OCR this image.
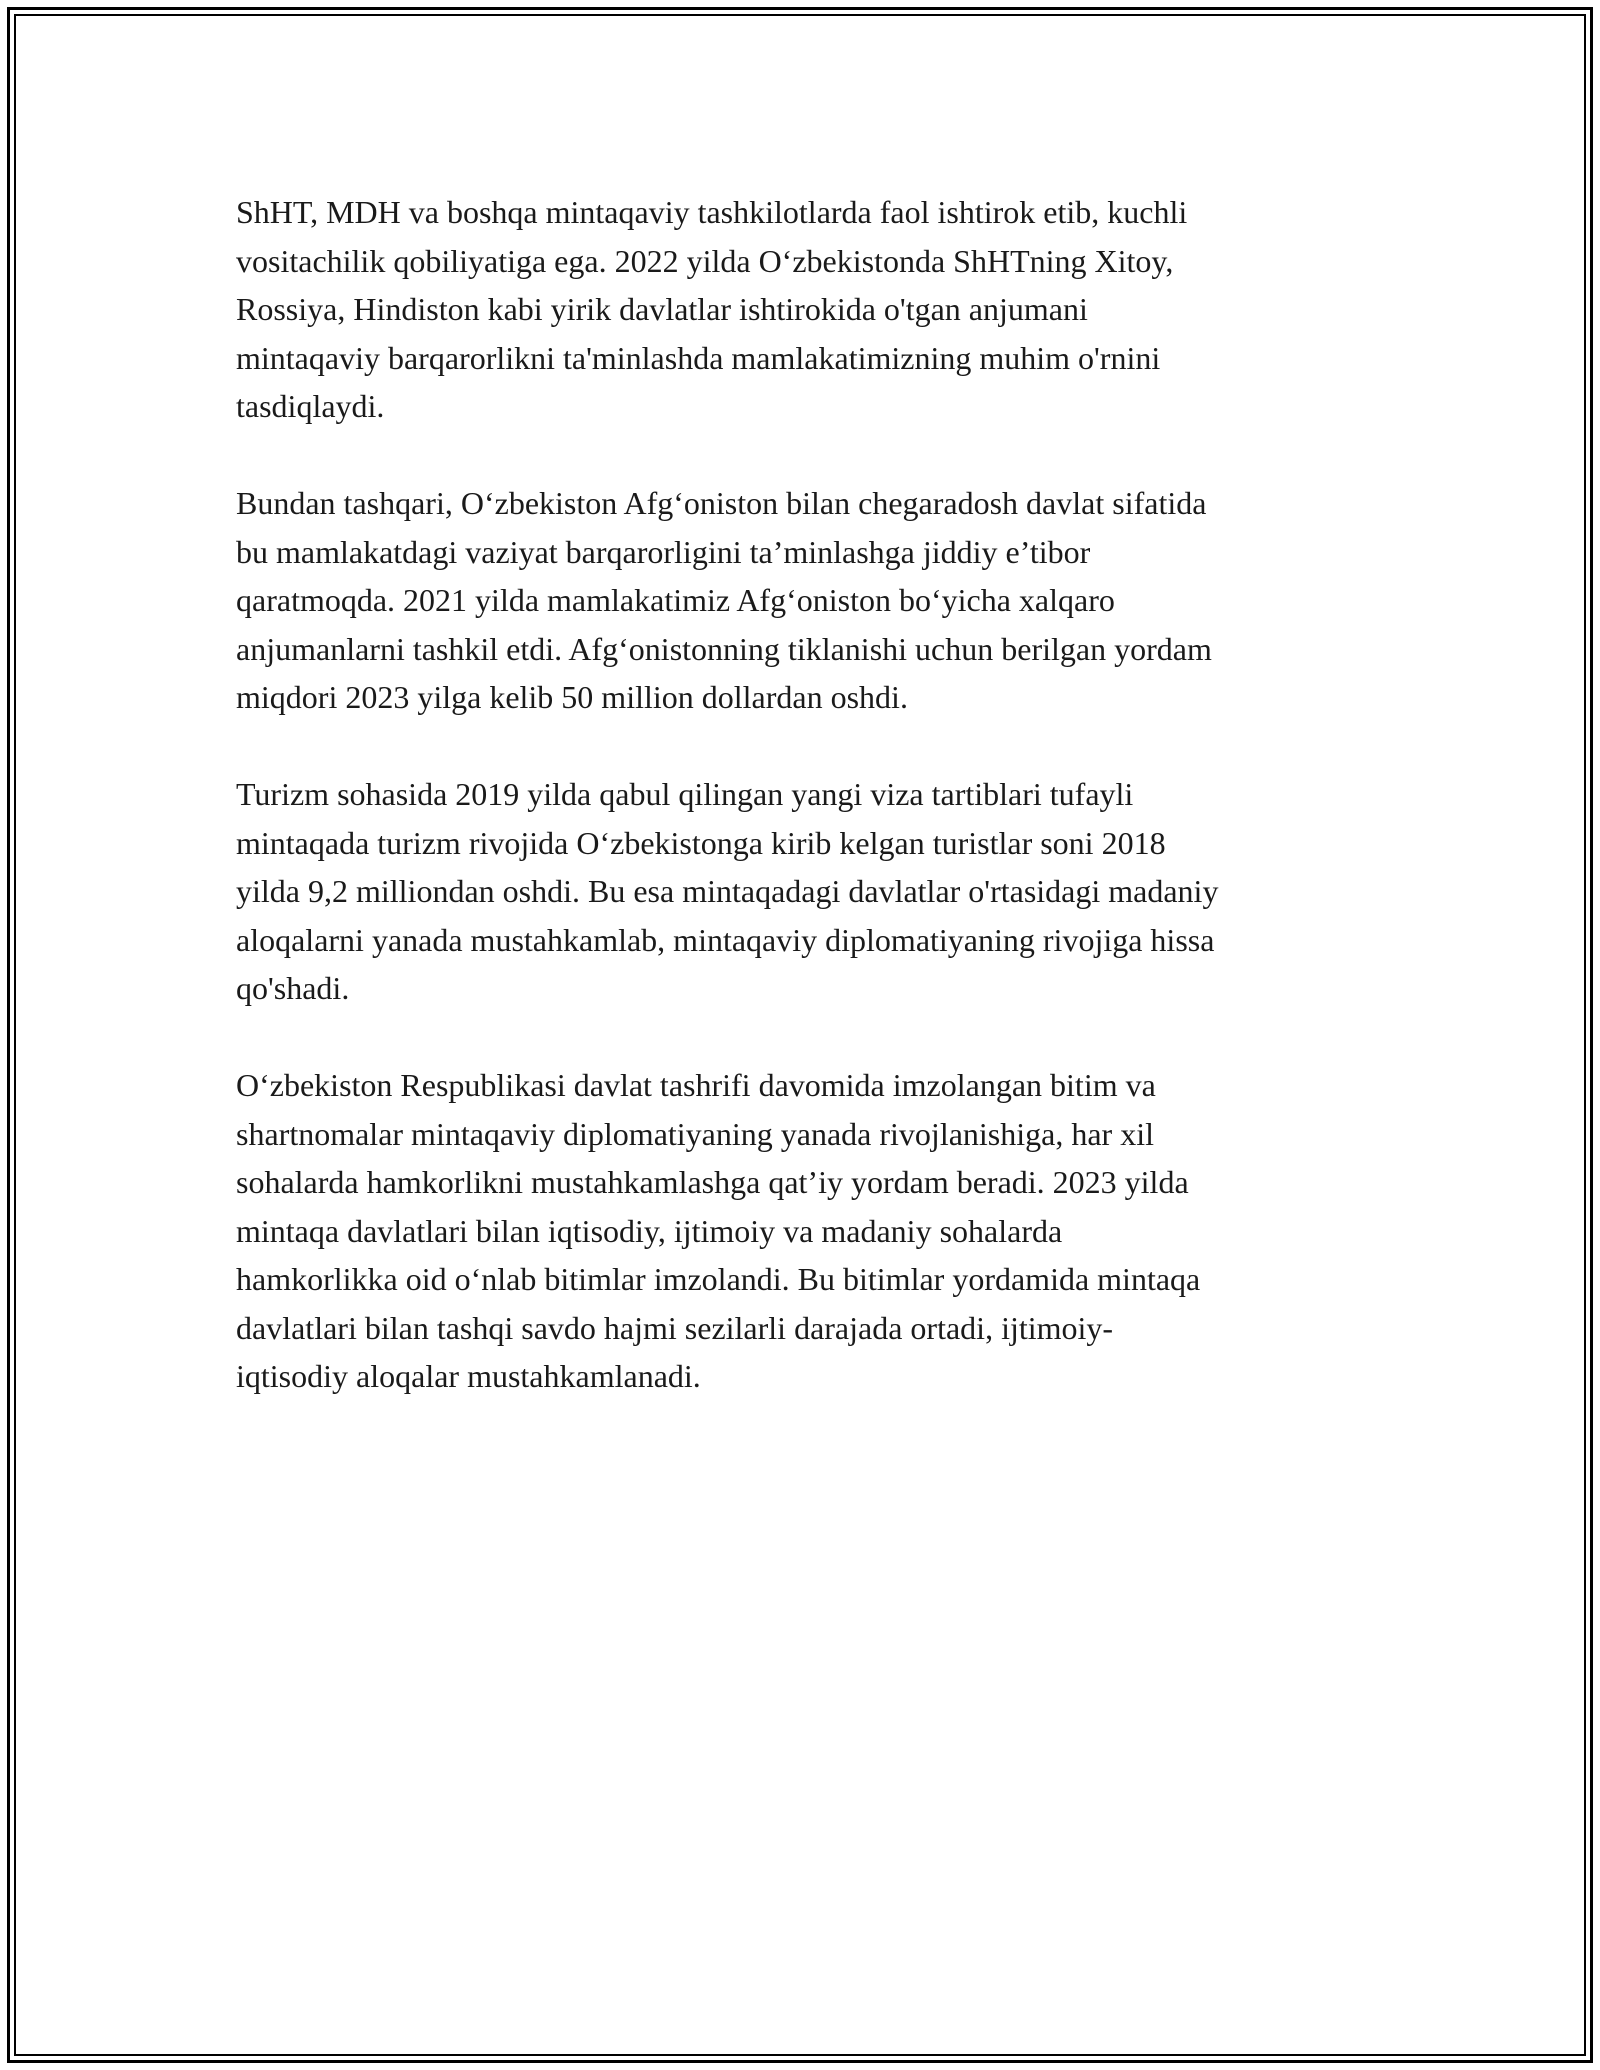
ShHT, MDH va boshqa mintaqaviy tashkilotlarda faol ishtirok etib, kuchli
vositachilik qobiliyatiga ega. 2022 yilda O‘zbekistonda ShHTning Xitoy,
Rossiya, Hindiston kabi yirik davlatlar ishtirokida o'tgan anjumani
mintaqaviy barqarorlikni ta'minlashda mamlakatimizning muhim o'rnini
tasdiqlaydi.

Bundan tashqari, O‘zbekiston Afg‘oniston bilan chegaradosh davlat sifatida
bu mamlakatdagi vaziyat barqarorligini ta’minlashga jiddiy e’tibor
qaratmoqda. 2021 yilda mamlakatimiz Afg‘oniston bo‘yicha xalqaro
anjumanlarni tashkil etdi. Afg‘onistonning tiklanishi uchun berilgan yordam
miqdori 2023 yilga kelib 50 million dollardan oshdi.

Turizm sohasida 2019 yilda qabul qilingan yangi viza tartiblari tufayli
mintaqada turizm rivojida O‘zbekistonga kirib kelgan turistlar soni 2018
yilda 9,2 milliondan oshdi. Bu esa mintaqadagi davlatlar o'rtasidagi madaniy
aloqalarni yanada mustahkamlab, mintaqaviy diplomatiyaning rivojiga hissa
qo'shadi.

O‘zbekiston Respublikasi davlat tashrifi davomida imzolangan bitim va
shartnomalar mintaqaviy diplomatiyaning yanada rivojlanishiga, har xil
sohalarda hamkorlikni mustahkamlashga qat’iy yordam beradi. 2023 yilda
mintaqa davlatlari bilan iqtisodiy, ijtimoiy va madaniy sohalarda
hamkorlikka oid o‘nlab bitimlar imzolandi. Bu bitimlar yordamida mintaqa
davlatlari bilan tashqi savdo hajmi sezilarli darajada ortadi, ijtimoiy-
iqtisodiy aloqalar mustahkamlanadi.
